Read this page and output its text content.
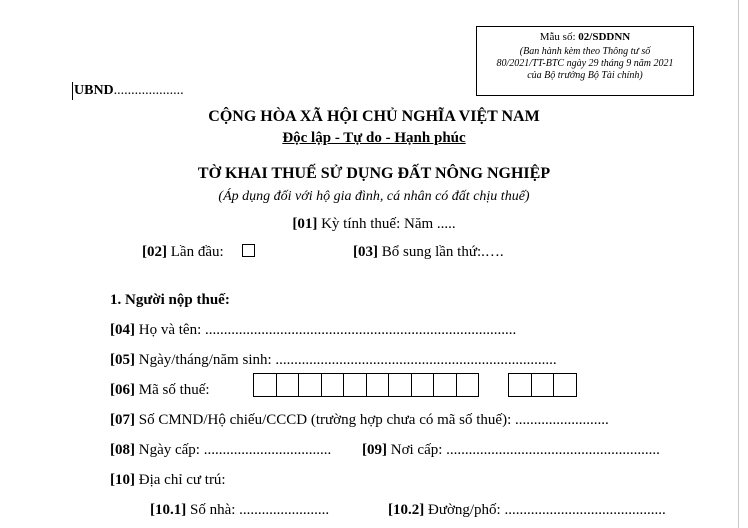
Mẫu số: 02/SDDNN
(Ban hành kèm theo Thông tư số
80/2021/TT-BTC ngày 29 tháng 9 năm 2021
của Bộ trưởng Bộ Tài chính)
UBND....................
CỘNG HÒA XÃ HỘI CHỦ NGHĨA VIỆT NAM
Độc lập - Tự do - Hạnh phúc
TỜ KHAI THUẾ SỬ DỤNG ĐẤT NÔNG NGHIỆP
(Áp dụng đối với hộ gia đình, cá nhân có đất chịu thuế)
[01] Kỳ tính thuế: Năm .....
[02] Lần đầu:	[03] Bổ sung lần thứ:.….
1. Người nộp thuế:
[04] Họ và tên: ...................................................................................
[05] Ngày/tháng/năm sinh: ...........................................................................
[06] Mã số thuế:
[07] Số CMND/Hộ chiếu/CCCD (trường hợp chưa có mã số thuế): .........................
[08] Ngày cấp: .................................. [09] Nơi cấp: .........................................................
[10] Địa chỉ cư trú:
[10.1] Số nhà: ........................	[10.2] Đường/phố: ...........................................
